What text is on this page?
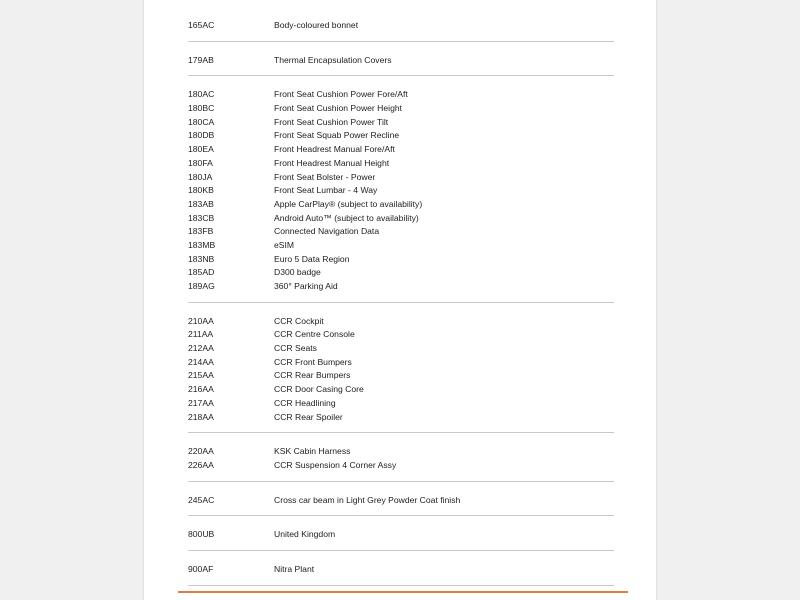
165AC	Body-coloured bonnet
179AB	Thermal Encapsulation Covers
180AC	Front Seat Cushion Power Fore/Aft
180BC	Front Seat Cushion Power Height
180CA	Front Seat Cushion Power Tilt
180DB	Front Seat Squab Power Recline
180EA	Front Headrest Manual Fore/Aft
180FA	Front Headrest Manual Height
180JA	Front Seat Bolster - Power
180KB	Front Seat Lumbar - 4 Way
183AB	Apple CarPlay® (subject to availability)
183CB	Android Auto™ (subject to availability)
183FB	Connected Navigation Data
183MB	eSIM
183NB	Euro 5 Data Region
185AD	D300 badge
189AG	360° Parking Aid
210AA	CCR Cockpit
211AA	CCR Centre Console
212AA	CCR Seats
214AA	CCR Front Bumpers
215AA	CCR Rear Bumpers
216AA	CCR Door Casing Core
217AA	CCR Headlining
218AA	CCR Rear Spoiler
220AA	KSK Cabin Harness
226AA	CCR Suspension 4 Corner Assy
245AC	Cross car beam in Light Grey Powder Coat finish
800UB	United Kingdom
900AF	Nitra Plant
